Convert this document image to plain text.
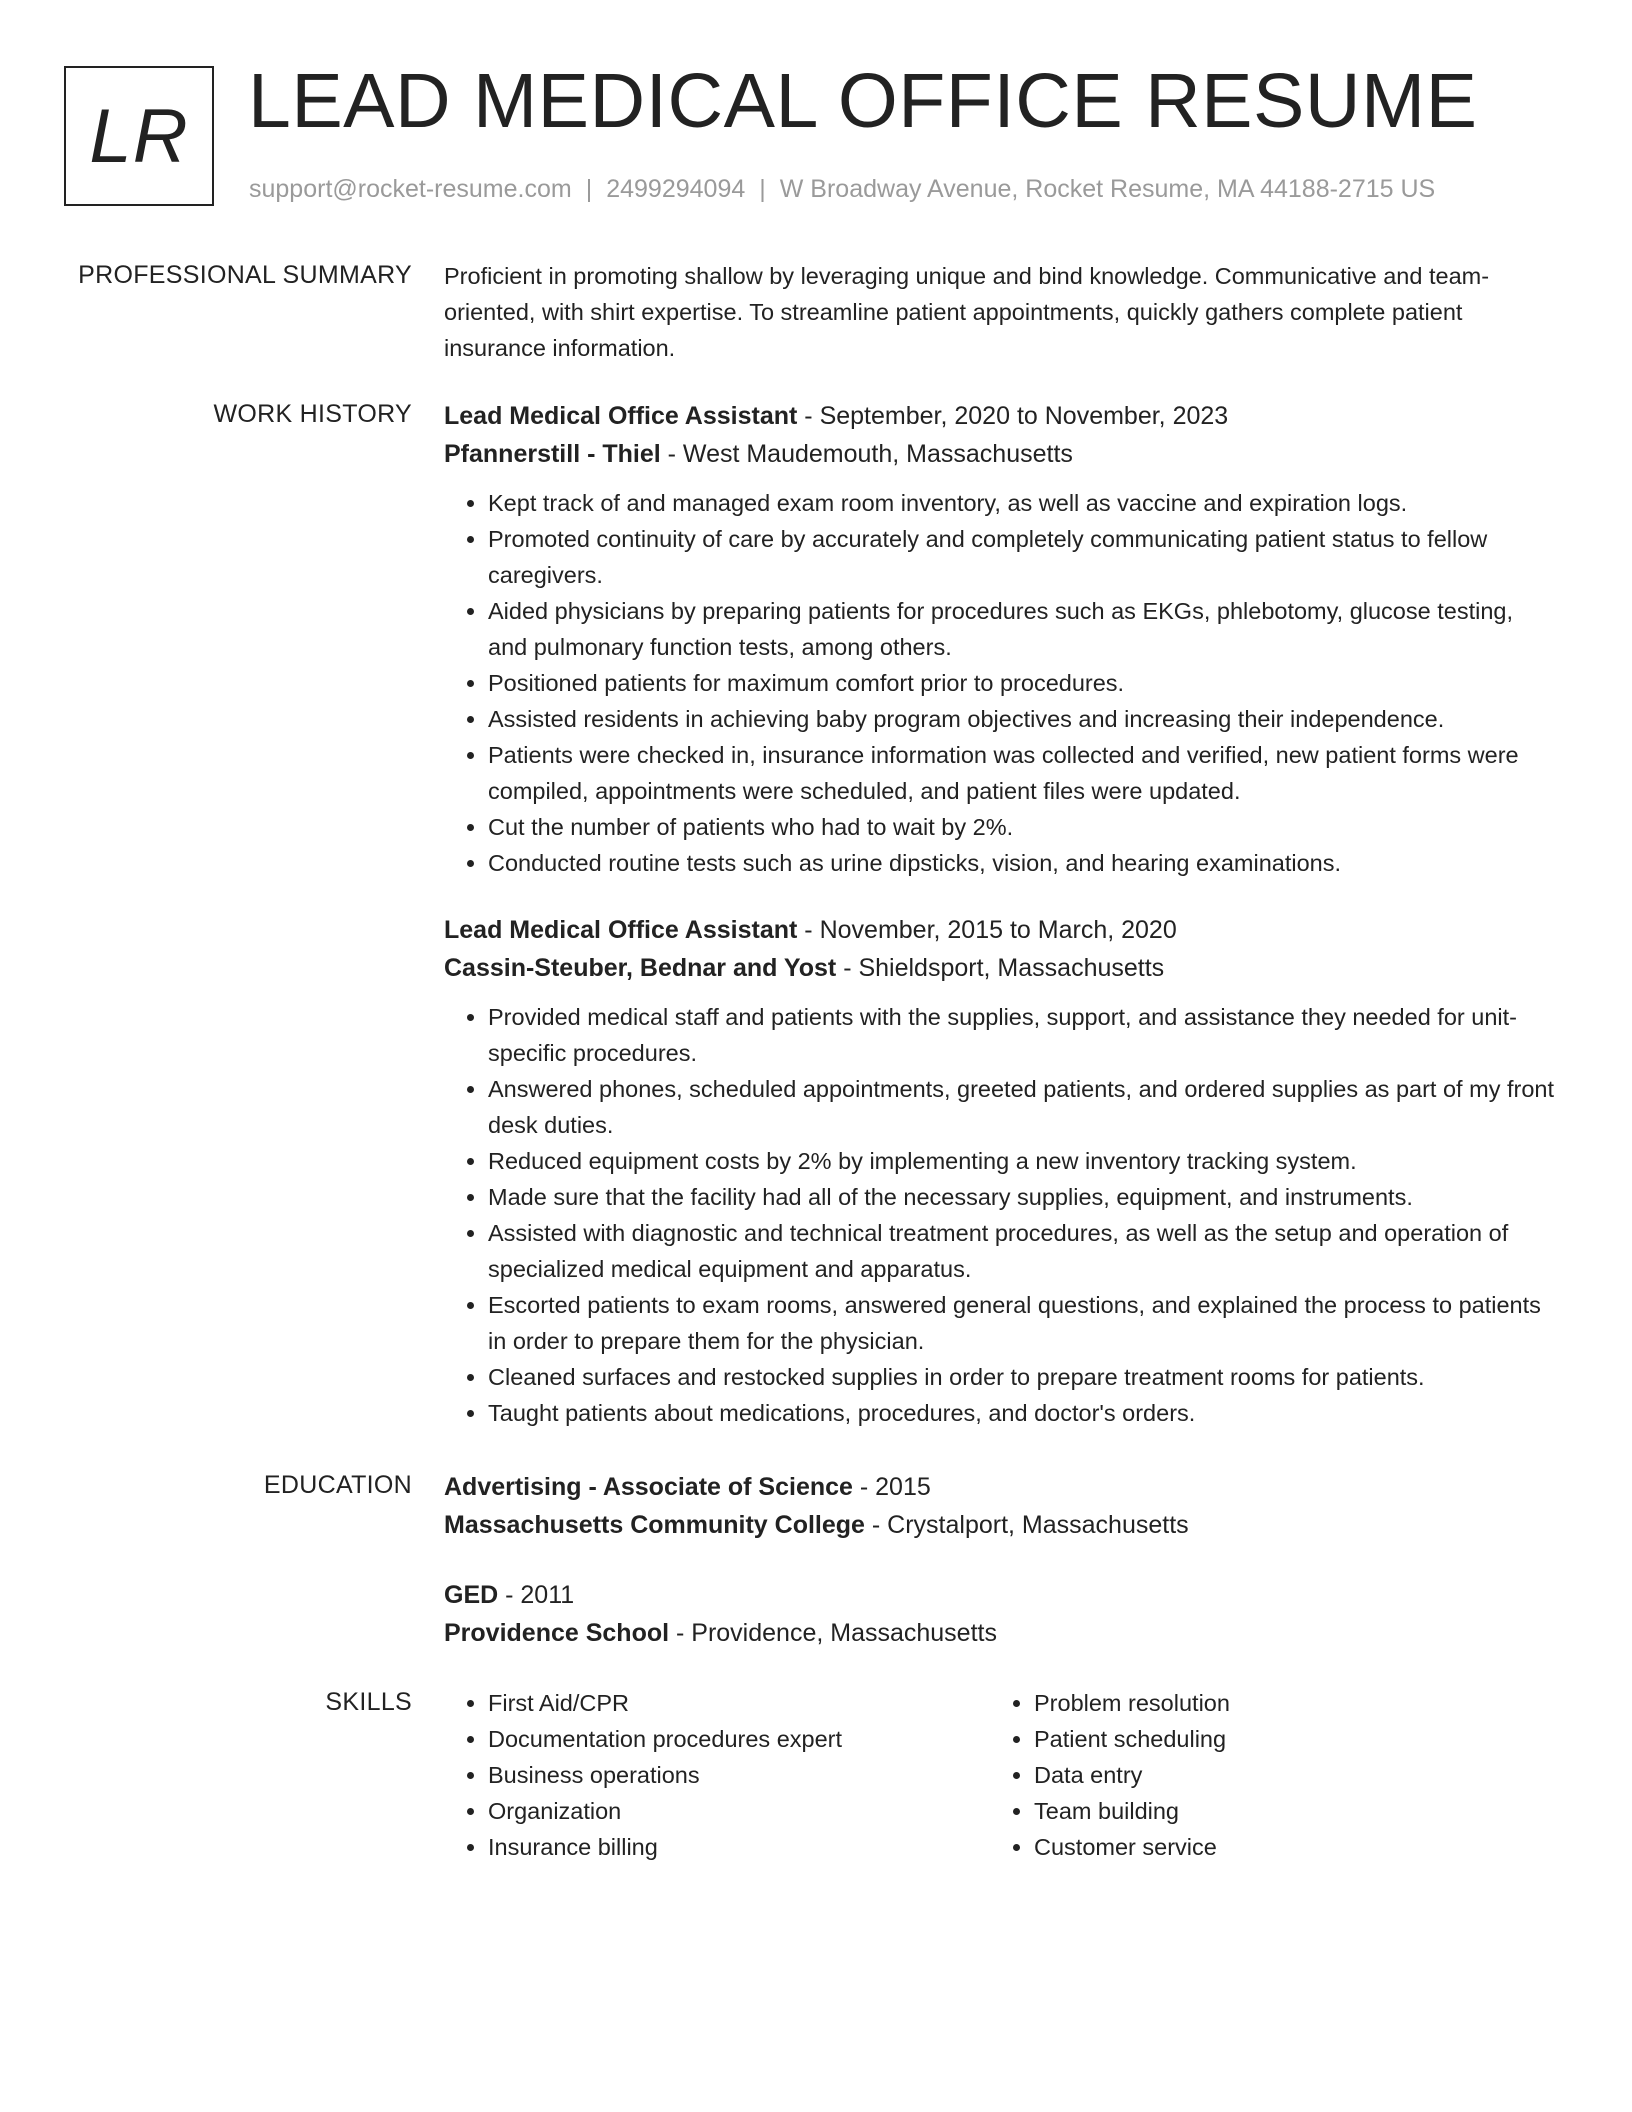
LR LEAD MEDICAL OFFICE RESUME
support@rocket-resume.com | 2499294094 | W Broadway Avenue, Rocket Resume, MA 44188-2715 US
PROFESSIONAL SUMMARY Proficient in promoting shallow by leveraging unique and bind knowledge. Communicative and team-oriented, with shirt expertise. To streamline patient appointments, quickly gathers complete patient insurance information.

WORK HISTORY Lead Medical Office Assistant - September, 2020 to November, 2023
Pfannerstill - Thiel - West Maudemouth, Massachusetts
• Kept track of and managed exam room inventory, as well as vaccine and expiration logs.
• Promoted continuity of care by accurately and completely communicating patient status to fellow caregivers.
• Aided physicians by preparing patients for procedures such as EKGs, phlebotomy, glucose testing, and pulmonary function tests, among others.
• Positioned patients for maximum comfort prior to procedures.
• Assisted residents in achieving baby program objectives and increasing their independence.
• Patients were checked in, insurance information was collected and verified, new patient forms were compiled, appointments were scheduled, and patient files were updated.
• Cut the number of patients who had to wait by 2%.
• Conducted routine tests such as urine dipsticks, vision, and hearing examinations.
Lead Medical Office Assistant - November, 2015 to March, 2020
Cassin-Steuber, Bednar and Yost - Shieldsport, Massachusetts
• Provided medical staff and patients with the supplies, support, and assistance they needed for unit-specific procedures.
• Answered phones, scheduled appointments, greeted patients, and ordered supplies as part of my front desk duties.
• Reduced equipment costs by 2% by implementing a new inventory tracking system.
• Made sure that the facility had all of the necessary supplies, equipment, and instruments.
• Assisted with diagnostic and technical treatment procedures, as well as the setup and operation of specialized medical equipment and apparatus.
• Escorted patients to exam rooms, answered general questions, and explained the process to patients in order to prepare them for the physician.
• Cleaned surfaces and restocked supplies in order to prepare treatment rooms for patients.
• Taught patients about medications, procedures, and doctor's orders.
EDUCATION Advertising - Associate of Science - 2015
Massachusetts Community College - Crystalport, Massachusetts
GED - 2011
Providence School - Providence, Massachusetts
SKILLS
•	First Aid/CPR
• Documentation procedures expert
• Business operations
• Organization
• Insurance billing
• Problem resolution
• Patient scheduling
• Data entry
• Team building
• Customer service
